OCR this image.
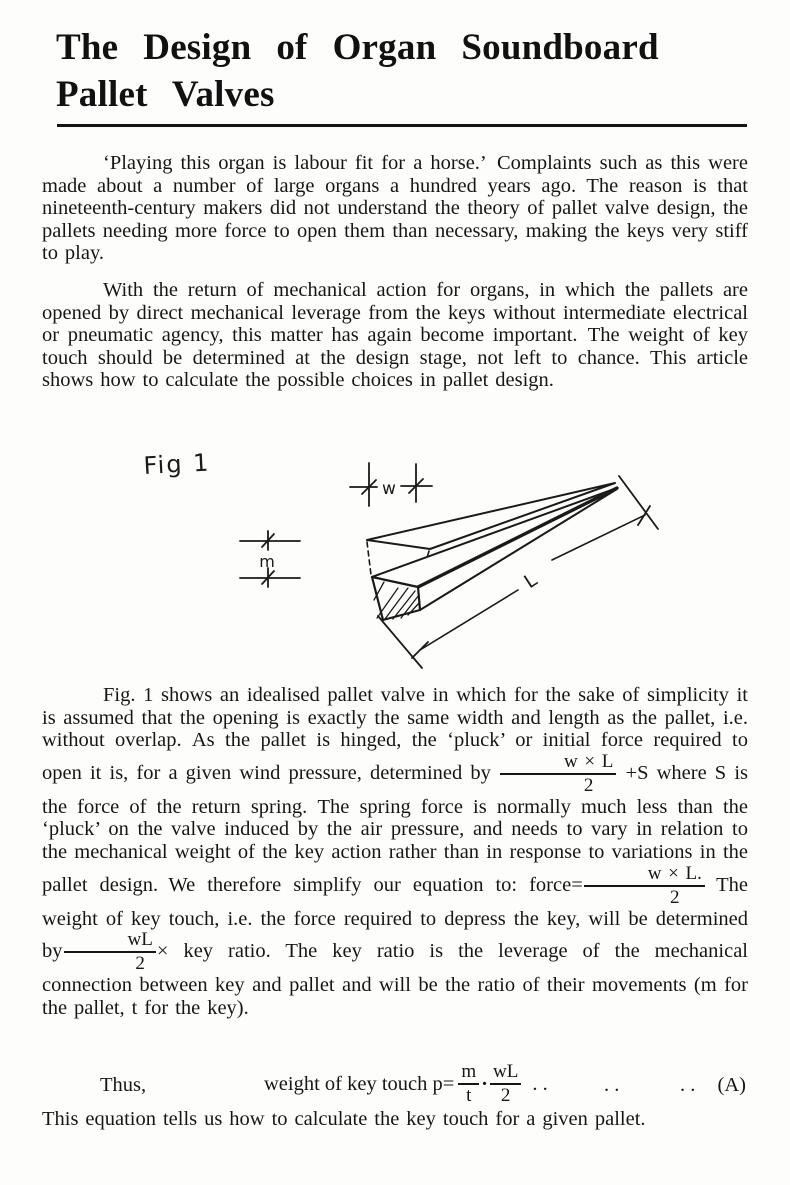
The Design of Organ Soundboard
Pallet Valves

‘Playing this organ is labour fit for a horse.’ Complaints such as this were made about a number of large organs a hundred years ago. The reason is that nineteenth-century makers did not understand the theory of pallet valve design, the pallets needing more force to open them than necessary, making the keys very stiff to play.

With the return of mechanical action for organs, in which the pallets are opened by direct mechanical leverage from the keys without intermediate electrical or pneumatic agency, this matter has again become important. The weight of key touch should be determined at the design stage, not left to chance. This article shows how to calculate the possible choices in pallet design.

Fig 1
w
m
L

Fig. 1 shows an idealised pallet valve in which for the sake of simplicity it is assumed that the opening is exactly the same width and length as the pallet, i.e. without overlap. As the pallet is hinged, the ‘pluck’ or initial force required to open it is, for a given wind pressure, determined by $\frac{w \times L}{2} +S$ where S is the force of the return spring. The spring force is normally much less than the ‘pluck’ on the valve induced by the air pressure, and needs to vary in relation to the mechanical weight of the key action rather than in response to variations in the pallet design. We therefore simplify our equation to: force= $\frac{w \times L.}{2}$  The weight of key touch, i.e. the force required to depress the key, will be determined by $\frac{wL}{2}$ × key ratio. The key ratio is the leverage of the mechanical connection between key and pallet and will be the ratio of their movements (m for the pallet, t for the key).

Thus,	weight of key touch $p= \frac{m}{t} \cdot \frac{wL}{2}$ . .	. .	. . (A)

This equation tells us how to calculate the key touch for a given pallet.
